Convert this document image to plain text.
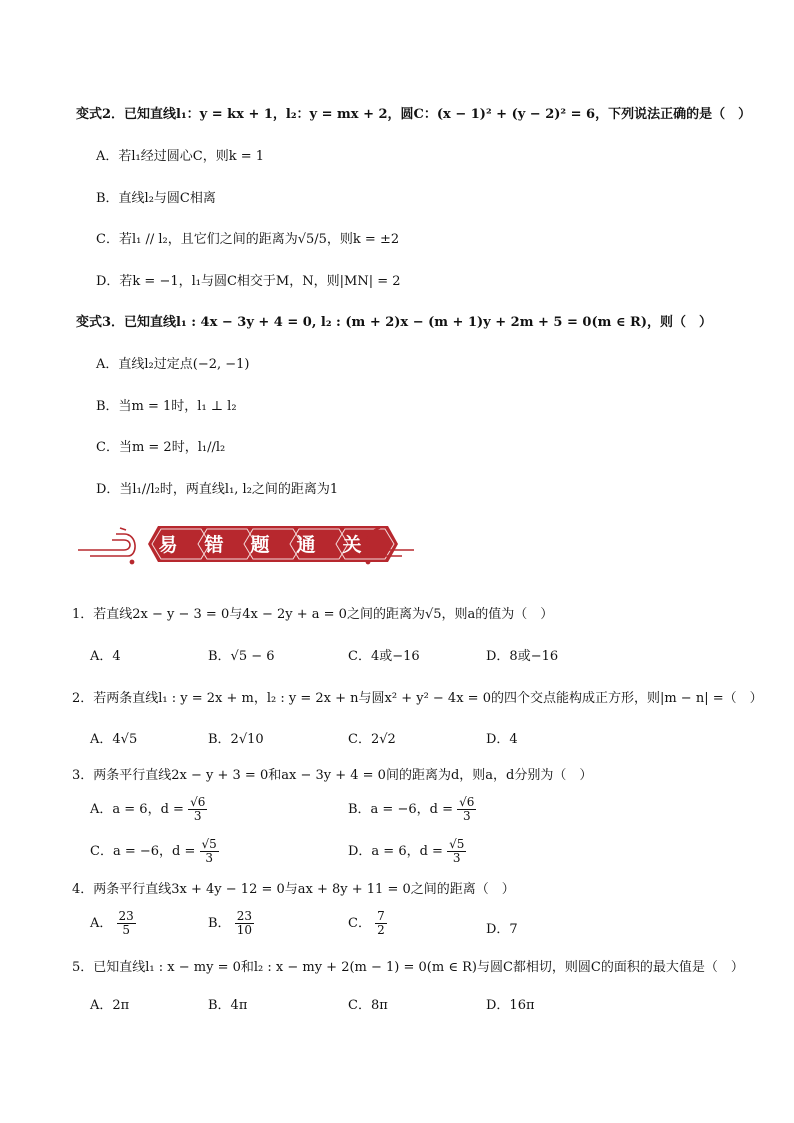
变式2．已知直线l₁：y = kx + 1，l₂：y = mx + 2，圆C：(x − 1)² + (y − 2)² = 6，下列说法正确的是（　）
A．若l₁经过圆心C，则k = 1
B．直线l₂与圆C相离
C．若l₁ // l₂，且它们之间的距离为√5/5，则k = ±2
D．若k = −1，l₁与圆C相交于M，N，则|MN| = 2
变式3．已知直线l₁ : 4x − 3y + 4 = 0, l₂ : (m + 2)x − (m + 1)y + 2m + 5 = 0(m ∈ R)，则（　）
A．直线l₂过定点(−2, −1)
B．当m = 1时，l₁ ⊥ l₂
C．当m = 2时，l₁//l₂
D．当l₁//l₂时，两直线l₁, l₂之间的距离为1
易 错 题 通 关
1．若直线2x − y − 3 = 0与4x − 2y + a = 0之间的距离为√5，则a的值为（　）
A．4	B．√5 − 6	C．4或−16	D．8或−16
2．若两条直线l₁ : y = 2x + m，l₂ : y = 2x + n与圆x² + y² − 4x = 0的四个交点能构成正方形，则|m − n| =（　）
A．4√5	B．2√10	C．2√2	D．4
3．两条平行直线2x − y + 3 = 0和ax − 3y + 4 = 0间的距离为d，则a，d分别为（　）
A．a = 6，$d = \frac{√6}{3}$	B．a = −6，$d = \frac{√6}{3}$
C．a = −6，$d = \frac{√5}{3}$	D．a = 6，$d = \frac{√5}{3}$
4．两条平行直线3x + 4y − 12 = 0与ax + 8y + 11 = 0之间的距离（　）
A． $\frac{23}{5}$	B． $\frac{23}{10}$	C． $\frac{7}{2}$	D．7
5．已知直线l₁ : x − my = 0和l₂ : x − my + 2(m − 1) = 0(m ∈ R)与圆C都相切，则圆C的面积的最大值是（　）
A．2π	B．4π	C．8π	D．16π
